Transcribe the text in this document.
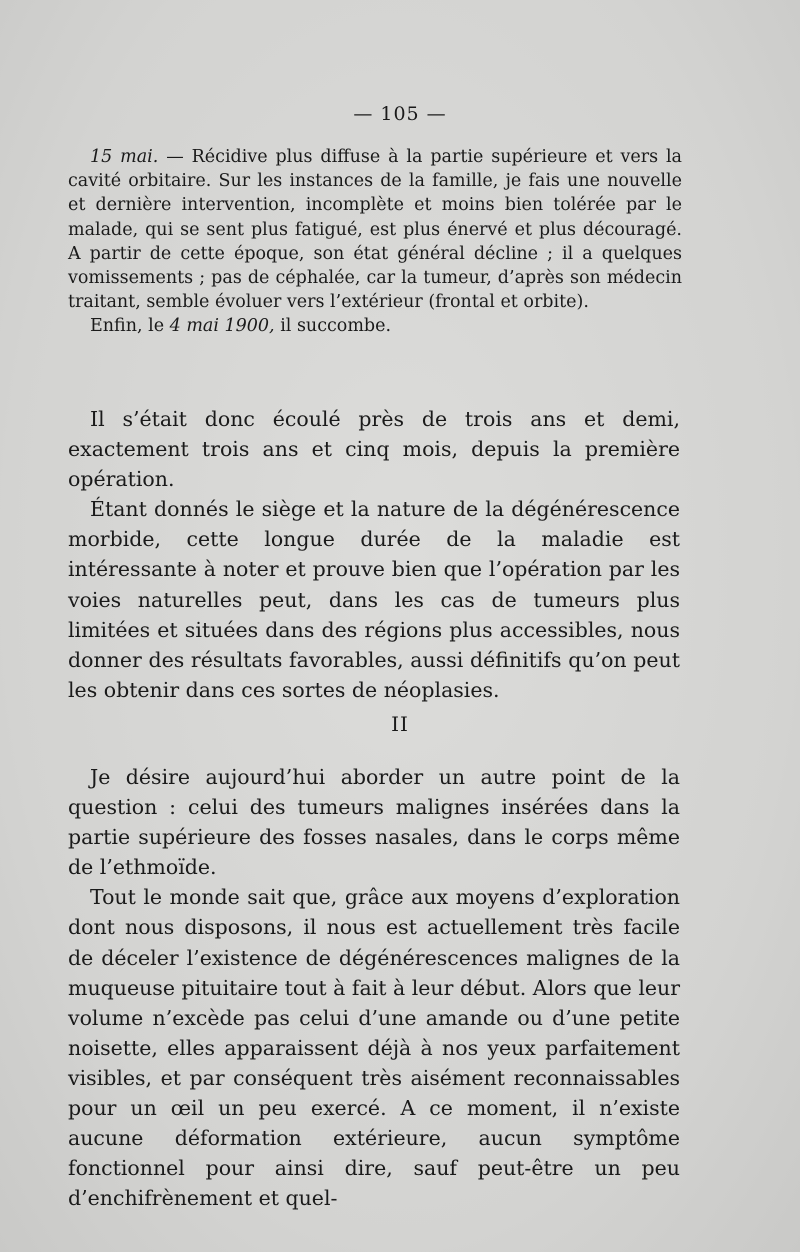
— 105 —

15 mai. — Récidive plus diffuse à la partie supérieure et vers la cavité orbitaire. Sur les instances de la famille, je fais une nouvelle et dernière intervention, incomplète et moins bien tolérée par le malade, qui se sent plus fatigué, est plus énervé et plus découragé. A partir de cette époque, son état général décline ; il a quelques vomissements ; pas de céphalée, car la tumeur, d’après son médecin traitant, semble évoluer vers l’extérieur (frontal et orbite).

Enfin, le 4 mai 1900, il succombe.

Il s’était donc écoulé près de trois ans et demi, exactement trois ans et cinq mois, depuis la première opération.

Étant donnés le siège et la nature de la dégénérescence morbide, cette longue durée de la maladie est intéressante à noter et prouve bien que l’opération par les voies naturelles peut, dans les cas de tumeurs plus limitées et situées dans des régions plus accessibles, nous donner des résultats favorables, aussi définitifs qu’on peut les obtenir dans ces sortes de néoplasies.

II

Je désire aujourd’hui aborder un autre point de la question : celui des tumeurs malignes insérées dans la partie supérieure des fosses nasales, dans le corps même de l’ethmoïde.

Tout le monde sait que, grâce aux moyens d’exploration dont nous disposons, il nous est actuellement très facile de déceler l’existence de dégénérescences malignes de la muqueuse pituitaire tout à fait à leur début. Alors que leur volume n’excède pas celui d’une amande ou d’une petite noisette, elles apparaissent déjà à nos yeux parfaitement visibles, et par conséquent très aisément reconnaissables pour un œil un peu exercé. A ce moment, il n’existe aucune déformation extérieure, aucun symptôme fonctionnel pour ainsi dire, sauf peut-être un peu d’enchifrènement et quel-
